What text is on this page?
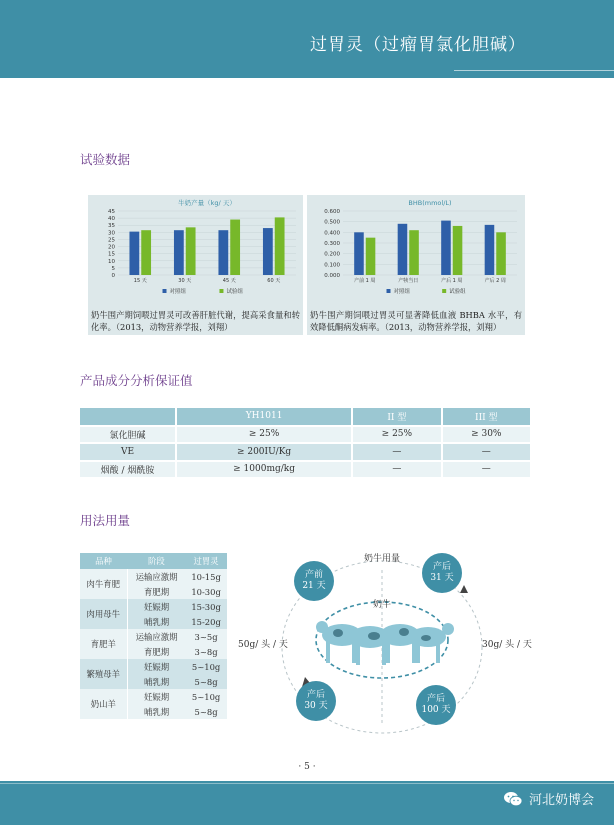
过胃灵（过瘤胃氯化胆碱）
试验数据
牛奶产量（kg/ 天）
0
5
10
15
20
25
30
35
40
45
15 天	30 天	45 天	60 天
对照组	试验组
奶牛围产期饲喂过胃灵可改善肝脏代谢，提高采食量和转化率。（2013，动物营养学报，刘翔）
BHB(mmol/L)
0.000
0.100
0.200
0.300
0.400
0.500
0.600
产前 1 周	产犊当日	产后 1 周	产后 2 周
对照组	试验组
奶牛围产期饲喂过胃灵可显著降低血液 BHBA 水平，有效降低酮病发病率。（2013，动物营养学报，刘翔）
产品成分分析保证值
	YH1011	II 型	III 型
氯化胆碱	≥ 25%	≥ 25%	≥ 30%
VE	≥ 200IU/Kg	—	—
烟酸 / 烟酰胺	≥ 1000mg/kg	—	—
用法用量
品种	阶段	过胃灵
肉牛育肥	运输应激期	10-15g
	育肥期	10-30g
肉用母牛	妊娠期	15-30g
	哺乳期	15-20g
育肥羊	运输应激期	3~5g
	育肥期	3~8g
繁殖母羊	妊娠期	5~10g
	哺乳期	5~8g
奶山羊	妊娠期	5~10g
	哺乳期	5~8g
奶牛用量
奶牛
50g/ 头 / 天	30g/ 头 / 天
产前
21 天
产后
31 天
产后
30 天
产后
100 天
· 5 ·
河北奶博会
